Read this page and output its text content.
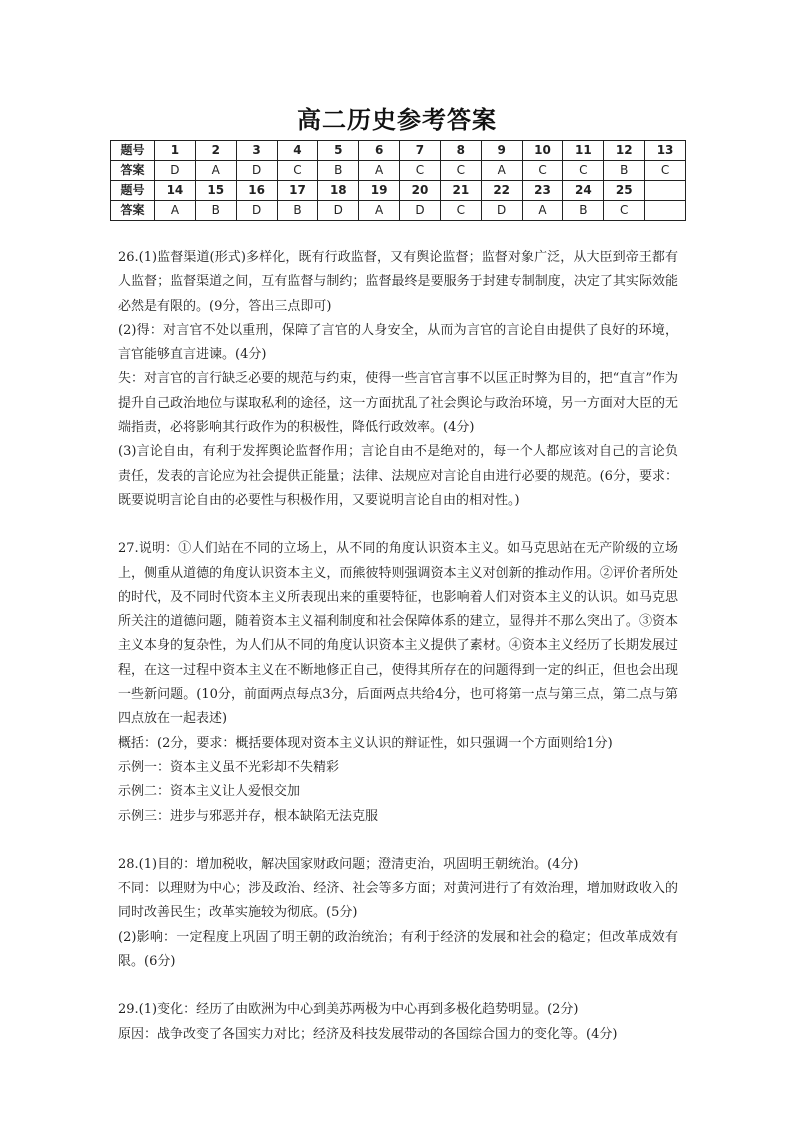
高二历史参考答案
题号	1	2	3	4	5	6	7	8	9	10	11	12	13
答案	D	A	D	C	B	A	C	C	A	C	C	B	C
题号	14	15	16	17	18	19	20	21	22	23	24	25	
答案	A	B	D	B	D	A	D	C	D	A	B	C	

26.(1)监督渠道(形式)多样化，既有行政监督，又有舆论监督；监督对象广泛，从大臣到帝王都有人监督；监督渠道之间，互有监督与制约；监督最终是要服务于封建专制制度，决定了其实际效能必然是有限的。(9分，答出三点即可)

(2)得：对言官不处以重刑，保障了言官的人身安全，从而为言官的言论自由提供了良好的环境，言官能够直言进谏。(4分)

失：对言官的言行缺乏必要的规范与约束，使得一些言官言事不以匡正时弊为目的，把“直言”作为提升自己政治地位与谋取私利的途径，这一方面扰乱了社会舆论与政治环境，另一方面对大臣的无端指责，必将影响其行政作为的积极性，降低行政效率。(4分)

(3)言论自由，有利于发挥舆论监督作用；言论自由不是绝对的，每一个人都应该对自己的言论负责任，发表的言论应为社会提供正能量；法律、法规应对言论自由进行必要的规范。(6分，要求：既要说明言论自由的必要性与积极作用，又要说明言论自由的相对性。)

27.说明：①人们站在不同的立场上，从不同的角度认识资本主义。如马克思站在无产阶级的立场上，侧重从道德的角度认识资本主义，而熊彼特则强调资本主义对创新的推动作用。②评价者所处的时代，及不同时代资本主义所表现出来的重要特征，也影响着人们对资本主义的认识。如马克思所关注的道德问题，随着资本主义福利制度和社会保障体系的建立，显得并不那么突出了。③资本主义本身的复杂性，为人们从不同的角度认识资本主义提供了素材。④资本主义经历了长期发展过程，在这一过程中资本主义在不断地修正自己，使得其所存在的问题得到一定的纠正，但也会出现一些新问题。(10分，前面两点每点3分，后面两点共给4分，也可将第一点与第三点，第二点与第四点放在一起表述)

概括：(2分，要求：概括要体现对资本主义认识的辩证性，如只强调一个方面则给1分)

示例一：资本主义虽不光彩却不失精彩

示例二：资本主义让人爱恨交加

示例三：进步与邪恶并存，根本缺陷无法克服

28.(1)目的：增加税收，解决国家财政问题；澄清吏治，巩固明王朝统治。(4分)

不同：以理财为中心；涉及政治、经济、社会等多方面；对黄河进行了有效治理，增加财政收入的同时改善民生；改革实施较为彻底。(5分)

(2)影响：一定程度上巩固了明王朝的政治统治；有利于经济的发展和社会的稳定；但改革成效有限。(6分)

29.(1)变化：经历了由欧洲为中心到美苏两极为中心再到多极化趋势明显。(2分)

原因：战争改变了各国实力对比；经济及科技发展带动的各国综合国力的变化等。(4分)
